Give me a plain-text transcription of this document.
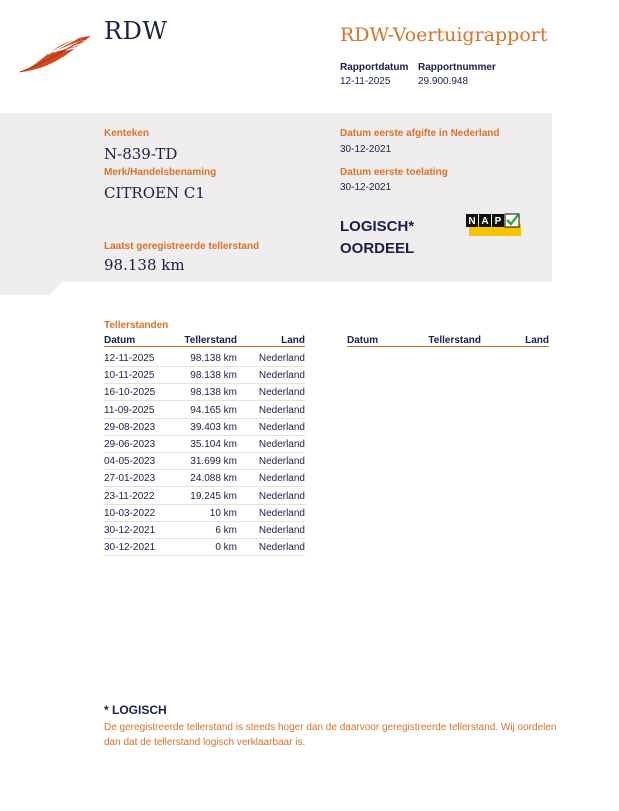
RDW	RDW-Voertuigrapport
Rapportdatum
12-11-2025
Rapportnummer
29.900.948
Kenteken
N-839-TD
Merk/Handelsbenaming
CITROEN C1
Laatst geregistreerde tellerstand
98.138 km
Datum eerste afgifte in Nederland
30-12-2021
Datum eerste toelating
30-12-2021
LOGISCH*
OORDEEL
N A P
Tellerstanden
Datum	Tellerstand	Land
12-11-2025	98.138 km Nederland
10-11-2025	98.138 km Nederland
16-10-2025	98.138 km Nederland
11-09-2025	94.165 km Nederland
29-08-2023	39.403 km Nederland
29-06-2023	35.104 km Nederland
04-05-2023	31.699 km Nederland
27-01-2023	24.088 km Nederland
23-11-2022	19.245 km Nederland
10-03-2022	10 km Nederland
30-12-2021	6 km Nederland
30-12-2021	0 km Nederland
Datum	Tellerstand	Land
* LOGISCH
De geregistreerde tellerstand is steeds hoger dan de daarvoor geregistreerde tellerstand. Wij oordelen dan dat de tellerstand logisch verklaarbaar is.
